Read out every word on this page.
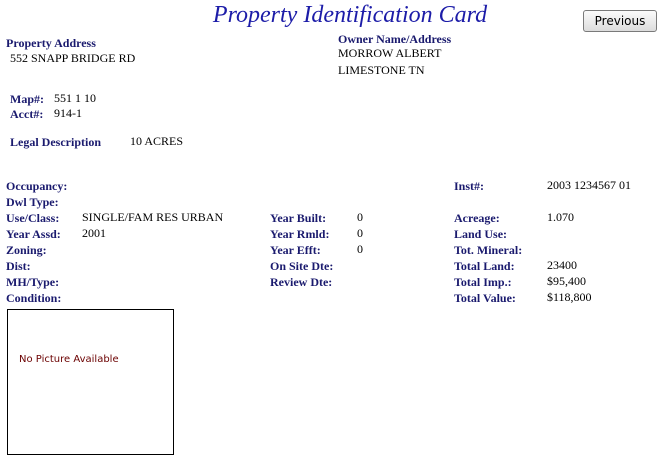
Property Identification Card	Previous
Property Address
552 SNAPP BRIDGE RD
Owner Name/Address
MORROW ALBERT
LIMESTONE TN
Map#: 551 1 10
Acct#: 914-1
Legal Description 10 ACRES
Occupancy:
Dwl Type:
Use/Class: SINGLE/FAM RES URBAN
Year Assd: 2001
Zoning:
Dist:
MH/Type:
Condition:
Year Built:	0
Year Rmld: 0
Year Efft:	0
On Site Dte:
Review Dte:
Inst#:	2003 1234567 01
Acreage:	1.070
Land Use:
Tot. Mineral:
Total Land:	23400
Total Imp.:	$95,400
Total Value:	$118,800
No Picture Available
